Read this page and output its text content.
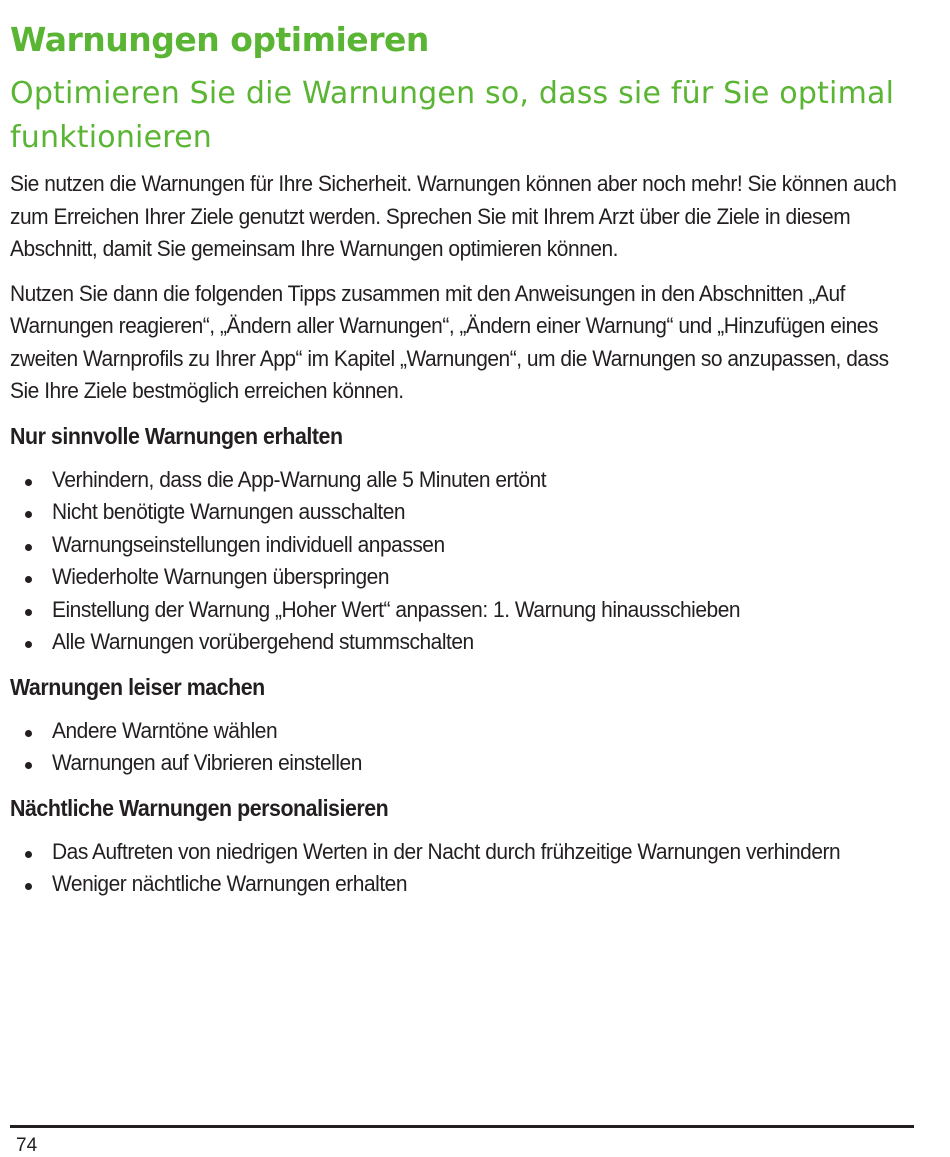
Warnungen optimieren
Optimieren Sie die Warnungen so, dass sie für Sie optimal funktionieren

Sie nutzen die Warnungen für Ihre Sicherheit. Warnungen können aber noch mehr! Sie können auch zum Erreichen Ihrer Ziele genutzt werden. Sprechen Sie mit Ihrem Arzt über die Ziele in diesem Abschnitt, damit Sie gemeinsam Ihre Warnungen optimieren können.

Nutzen Sie dann die folgenden Tipps zusammen mit den Anweisungen in den Abschnitten „Auf Warnungen reagieren“, „Ändern aller Warnungen“, „Ändern einer Warnung“ und „Hinzufügen eines zweiten Warnprofils zu Ihrer App“ im Kapitel „Warnungen“, um die Warnungen so anzupassen, dass Sie Ihre Ziele bestmöglich erreichen können.

Nur sinnvolle Warnungen erhalten
Verhindern, dass die App-Warnung alle 5 Minuten ertönt
Nicht benötigte Warnungen ausschalten
Warnungseinstellungen individuell anpassen
Wiederholte Warnungen überspringen
Einstellung der Warnung „Hoher Wert“ anpassen: 1. Warnung hinausschieben
Alle Warnungen vorübergehend stummschalten
Warnungen leiser machen
Andere Warntöne wählen
Warnungen auf Vibrieren einstellen
Nächtliche Warnungen personalisieren
Das Auftreten von niedrigen Werten in der Nacht durch frühzeitige Warnungen verhindern
Weniger nächtliche Warnungen erhalten
74
